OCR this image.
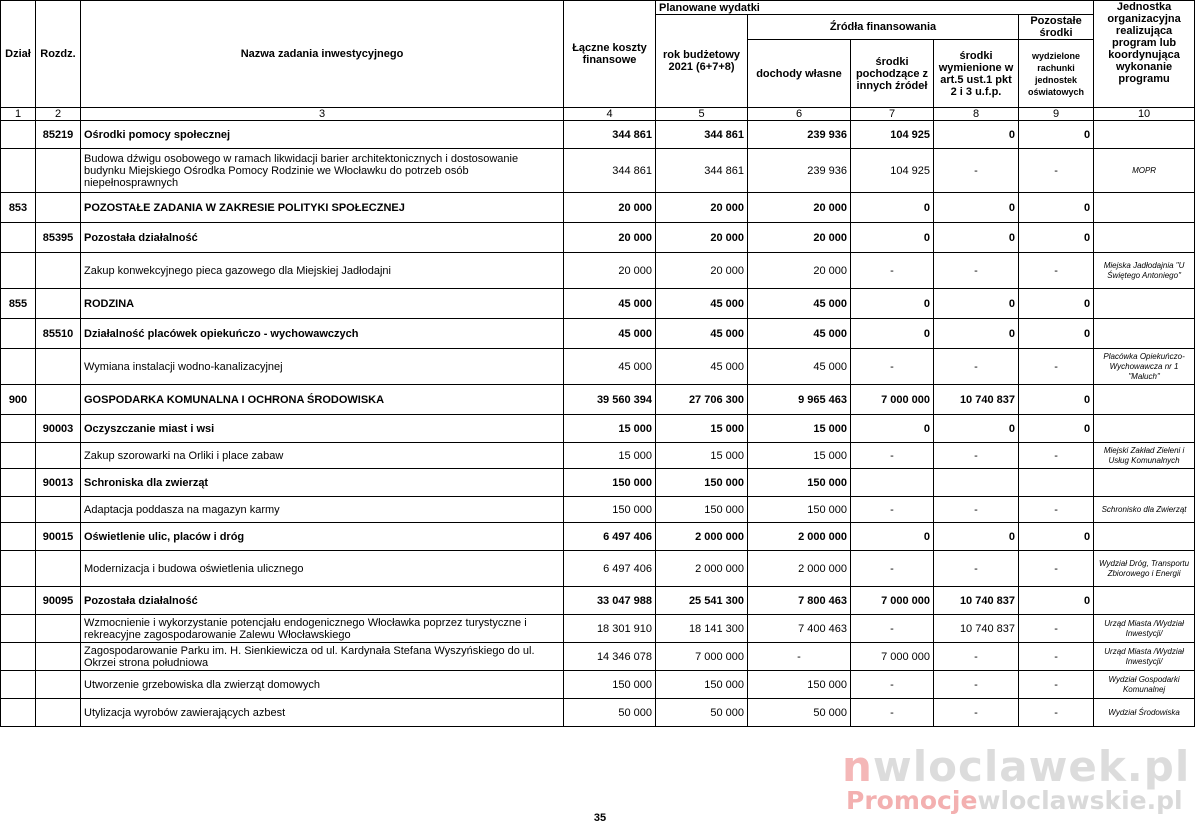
Dział	Rozdz.	Nazwa zadania inwestycyjnego	Łączne koszty finansowe	Planowane wydatki					Jednostka organizacyjna realizująca program lub koordynująca wykonanie programu
				rok budżetowy 2021 (6+7+8)	Źródła finansowania			Pozostałe środki	
					dochody własne	środki pochodzące z innych źródeł	środki wymienione w art.5 ust.1 pkt 2 i 3 u.f.p.	wydzielone rachunki jednostek oświatowych	
1	2	3	4	5	6	7	8	9	10
	85219	Ośrodki pomocy społecznej	344 861	344 861	239 936	104 925	0	0	
		Budowa dźwigu osobowego w ramach likwidacji barier architektonicznych i dostosowanie budynku Miejskiego Ośrodka Pomocy Rodzinie we Włocławku do potrzeb osób niepełnosprawnych	344 861	344 861	239 936	104 925	-	-	MOPR
853		POZOSTAŁE ZADANIA W ZAKRESIE POLITYKI SPOŁECZNEJ	20 000	20 000	20 000	0	0	0	
	85395	Pozostała działalność	20 000	20 000	20 000	0	0	0	
		Zakup konwekcyjnego pieca gazowego dla Miejskiej Jadłodajni	20 000	20 000	20 000	-	-	-	Miejska Jadłodajnia "U Świętego Antoniego"
855		RODZINA	45 000	45 000	45 000	0	0	0	
	85510	Działalność placówek opiekuńczo - wychowawczych	45 000	45 000	45 000	0	0	0	
		Wymiana instalacji wodno-kanalizacyjnej	45 000	45 000	45 000	-	-	-	Placówka Opiekuńczo-Wychowawcza nr 1 "Maluch"
900		GOSPODARKA KOMUNALNA I OCHRONA ŚRODOWISKA	39 560 394	27 706 300	9 965 463	7 000 000	10 740 837	0	
	90003	Oczyszczanie miast i wsi	15 000	15 000	15 000	0	0	0	
		Zakup szorowarki na Orliki i place zabaw	15 000	15 000	15 000	-	-	-	Miejski Zakład Zieleni i Usług Komunalnych
	90013	Schroniska dla zwierząt	150 000	150 000	150 000				
		Adaptacja poddasza na magazyn karmy	150 000	150 000	150 000	-	-	-	Schronisko dla Zwierząt
	90015	Oświetlenie ulic, placów i dróg	6 497 406	2 000 000	2 000 000	0	0	0	
		Modernizacja i budowa oświetlenia ulicznego	6 497 406	2 000 000	2 000 000	-	-	-	Wydział Dróg, Transportu Zbiorowego i Energii
	90095	Pozostała działalność	33 047 988	25 541 300	7 800 463	7 000 000	10 740 837	0	
		Wzmocnienie i wykorzystanie potencjału endogenicznego Włocławka poprzez turystyczne i rekreacyjne zagospodarowanie Zalewu Włocławskiego	18 301 910	18 141 300	7 400 463	-	10 740 837	-	Urząd Miasta /Wydział Inwestycji/
		Zagospodarowanie Parku im. H. Sienkiewicza od ul. Kardynała Stefana Wyszyńskiego do ul. Okrzei strona południowa	14 346 078	7 000 000	-	7 000 000	-	-	Urząd Miasta /Wydział Inwestycji/
		Utworzenie grzebowiska dla zwierząt domowych	150 000	150 000	150 000	-	-	-	Wydział Gospodarki Komunalnej
		Utylizacja wyrobów zawierających azbest	50 000	50 000	50 000	-	-	-	Wydział Środowiska
35
nwloclawek.pl
Promocjewloclawskie.pl
